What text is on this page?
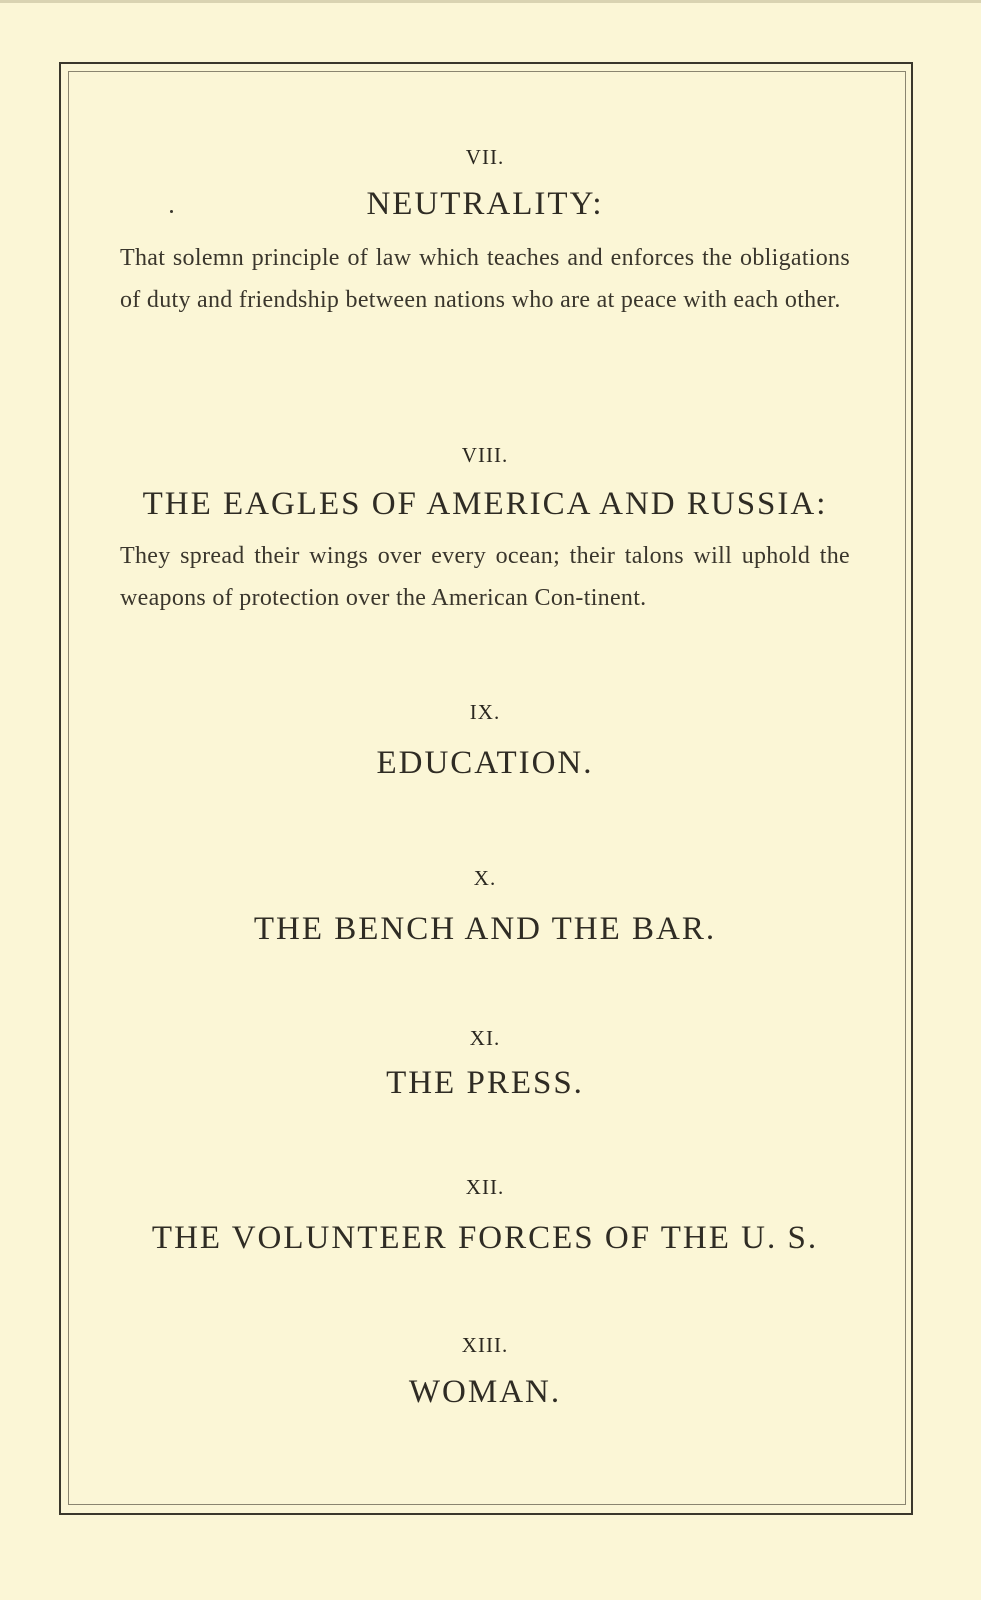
VII.
NEUTRALITY:
That solemn principle of law which teaches and enforces the obligations of duty and friendship between nations who are at peace with each other.
VIII.
THE EAGLES OF AMERICA AND RUSSIA:
They spread their wings over every ocean; their talons will uphold the weapons of protection over the American Con-tinent.
IX.
EDUCATION.
X.
THE BENCH AND THE BAR.
XI.
THE PRESS.
XII.
THE VOLUNTEER FORCES OF THE U. S.
XIII.
WOMAN.
